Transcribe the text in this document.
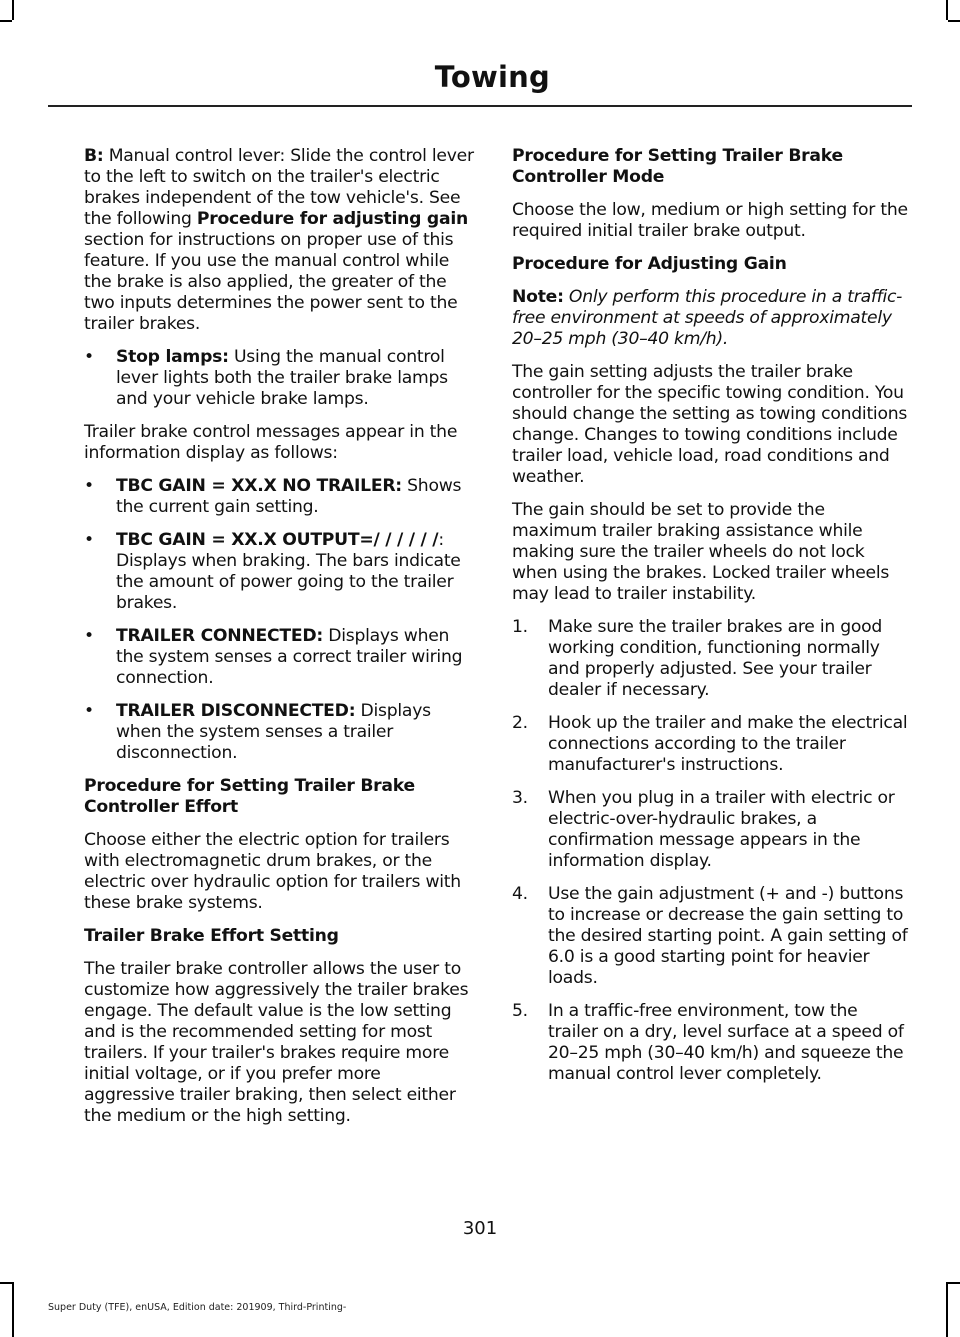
Towing

B: Manual control lever: Slide the control lever to the left to switch on the trailer's electric brakes independent of the tow vehicle's. See the following Procedure for adjusting gain section for instructions on proper use of this feature. If you use the manual control while the brake is also applied, the greater of the two inputs determines the power sent to the trailer brakes.

• Stop lamps: Using the manual control lever lights both the trailer brake lamps and your vehicle brake lamps.

Trailer brake control messages appear in the information display as follows:

• TBC GAIN = XX.X NO TRAILER: Shows the current gain setting.
• TBC GAIN = XX.X OUTPUT=/ / / / / /: Displays when braking. The bars indicate the amount of power going to the trailer brakes.
• TRAILER CONNECTED: Displays when the system senses a correct trailer wiring connection.
• TRAILER DISCONNECTED: Displays when the system senses a trailer disconnection.
Procedure for Setting Trailer Brake Controller Effort

Choose either the electric option for trailers with electromagnetic drum brakes, or the electric over hydraulic option for trailers with these brake systems.

Trailer Brake Effort Setting

The trailer brake controller allows the user to customize how aggressively the trailer brakes engage. The default value is the low setting and is the recommended setting for most trailers. If your trailer's brakes require more initial voltage, or if you prefer more aggressive trailer braking, then select either the medium or the high setting.

Procedure for Setting Trailer Brake Controller Mode

Choose the low, medium or high setting for the required initial trailer brake output.

Procedure for Adjusting Gain

Note: Only perform this procedure in a traffic-free environment at speeds of approximately 20–25 mph (30–40 km/h).

The gain setting adjusts the trailer brake controller for the specific towing condition. You should change the setting as towing conditions change. Changes to towing conditions include trailer load, vehicle load, road conditions and weather.

The gain should be set to provide the maximum trailer braking assistance while making sure the trailer wheels do not lock when using the brakes. Locked trailer wheels may lead to trailer instability.

1. Make sure the trailer brakes are in good working condition, functioning normally and properly adjusted. See your trailer dealer if necessary.
2. Hook up the trailer and make the electrical connections according to the trailer manufacturer's instructions.
3. When you plug in a trailer with electric or electric-over-hydraulic brakes, a confirmation message appears in the information display.
4. Use the gain adjustment (+ and -) buttons to increase or decrease the gain setting to the desired starting point. A gain setting of 6.0 is a good starting point for heavier loads.
5. In a traffic-free environment, tow the trailer on a dry, level surface at a speed of 20–25 mph (30–40 km/h) and squeeze the manual control lever completely.
301
Super Duty (TFE), enUSA, Edition date: 201909, Third-Printing-
